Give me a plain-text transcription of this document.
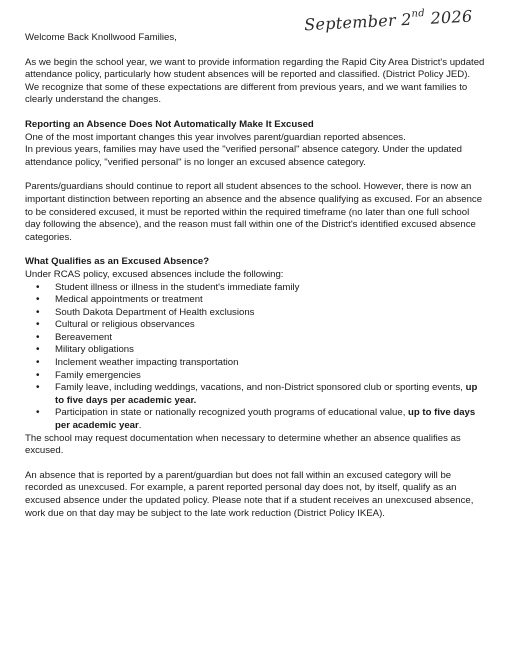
September 2nd 2026

Welcome Back Knollwood Families,

As we begin the school year, we want to provide information regarding the Rapid City Area District's updated attendance policy, particularly how student absences will be reported and classified. (District Policy JED). We recognize that some of these expectations are different from previous years, and we want families to clearly understand the changes.

Reporting an Absence Does Not Automatically Make It Excused

One of the most important changes this year involves parent/guardian reported absences.

In previous years, families may have used the "verified personal" absence category. Under the updated attendance policy, "verified personal" is no longer an excused absence category.

Parents/guardians should continue to report all student absences to the school. However, there is now an important distinction between reporting an absence and the absence qualifying as excused. For an absence to be considered excused, it must be reported within the required timeframe (no later than one full school day following the absence), and the reason must fall within one of the District's identified excused absence categories.

What Qualifies as an Excused Absence?

Under RCAS policy, excused absences include the following:

• Student illness or illness in the student's immediate family
• Medical appointments or treatment
• South Dakota Department of Health exclusions
• Cultural or religious observances
• Bereavement
• Military obligations
• Inclement weather impacting transportation
• Family emergencies
• Family leave, including weddings, vacations, and non-District sponsored club or sporting events, up to five days per academic year.
• Participation in state or nationally recognized youth programs of educational value, up to five days per academic year.

The school may request documentation when necessary to determine whether an absence qualifies as excused.

An absence that is reported by a parent/guardian but does not fall within an excused category will be recorded as unexcused. For example, a parent reported personal day does not, by itself, qualify as an excused absence under the updated policy. Please note that if a student receives an unexcused absence, work due on that day may be subject to the late work reduction (District Policy IKEA).
